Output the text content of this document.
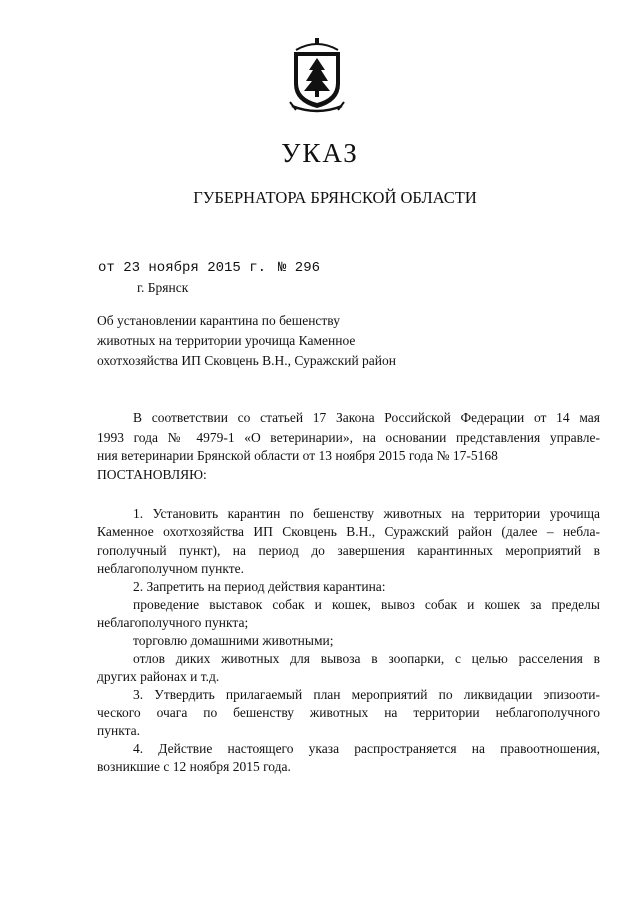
УКАЗ
ГУБЕРНАТОРА БРЯНСКОЙ ОБЛАСТИ
от 23 ноября 2015 г. № 296
г. Брянск
Об установлении карантина по бешенству животных на территории урочища Каменное охотхозяйства ИП Сковцень В.Н., Суражский район
В соответствии со статьей 17 Закона Российской Федерации от 14 мая
1993 года № 4979-1 «О ветеринарии», на основании представления управле-
ния ветеринарии Брянской области от 13 ноября 2015 года № 17-5168
ПОСТАНОВЛЯЮ:
1. Установить карантин по бешенству животных на территории урочища
Каменное охотхозяйства ИП Сковцень В.Н., Суражский район (далее – небла-
гополучный пункт), на период до завершения карантинных мероприятий в
неблагополучном пункте.
2. Запретить на период действия карантина:
проведение выставок собак и кошек, вывоз собак и кошек за пределы
неблагополучного пункта;
торговлю домашними животными;
отлов диких животных для вывоза в зоопарки, с целью расселения в
других районах и т.д.
3. Утвердить прилагаемый план мероприятий по ликвидации эпизооти-
ческого очага по бешенству животных на территории неблагополучного
пункта.
4. Действие настоящего указа распространяется на правоотношения,
возникшие с 12 ноября 2015 года.
